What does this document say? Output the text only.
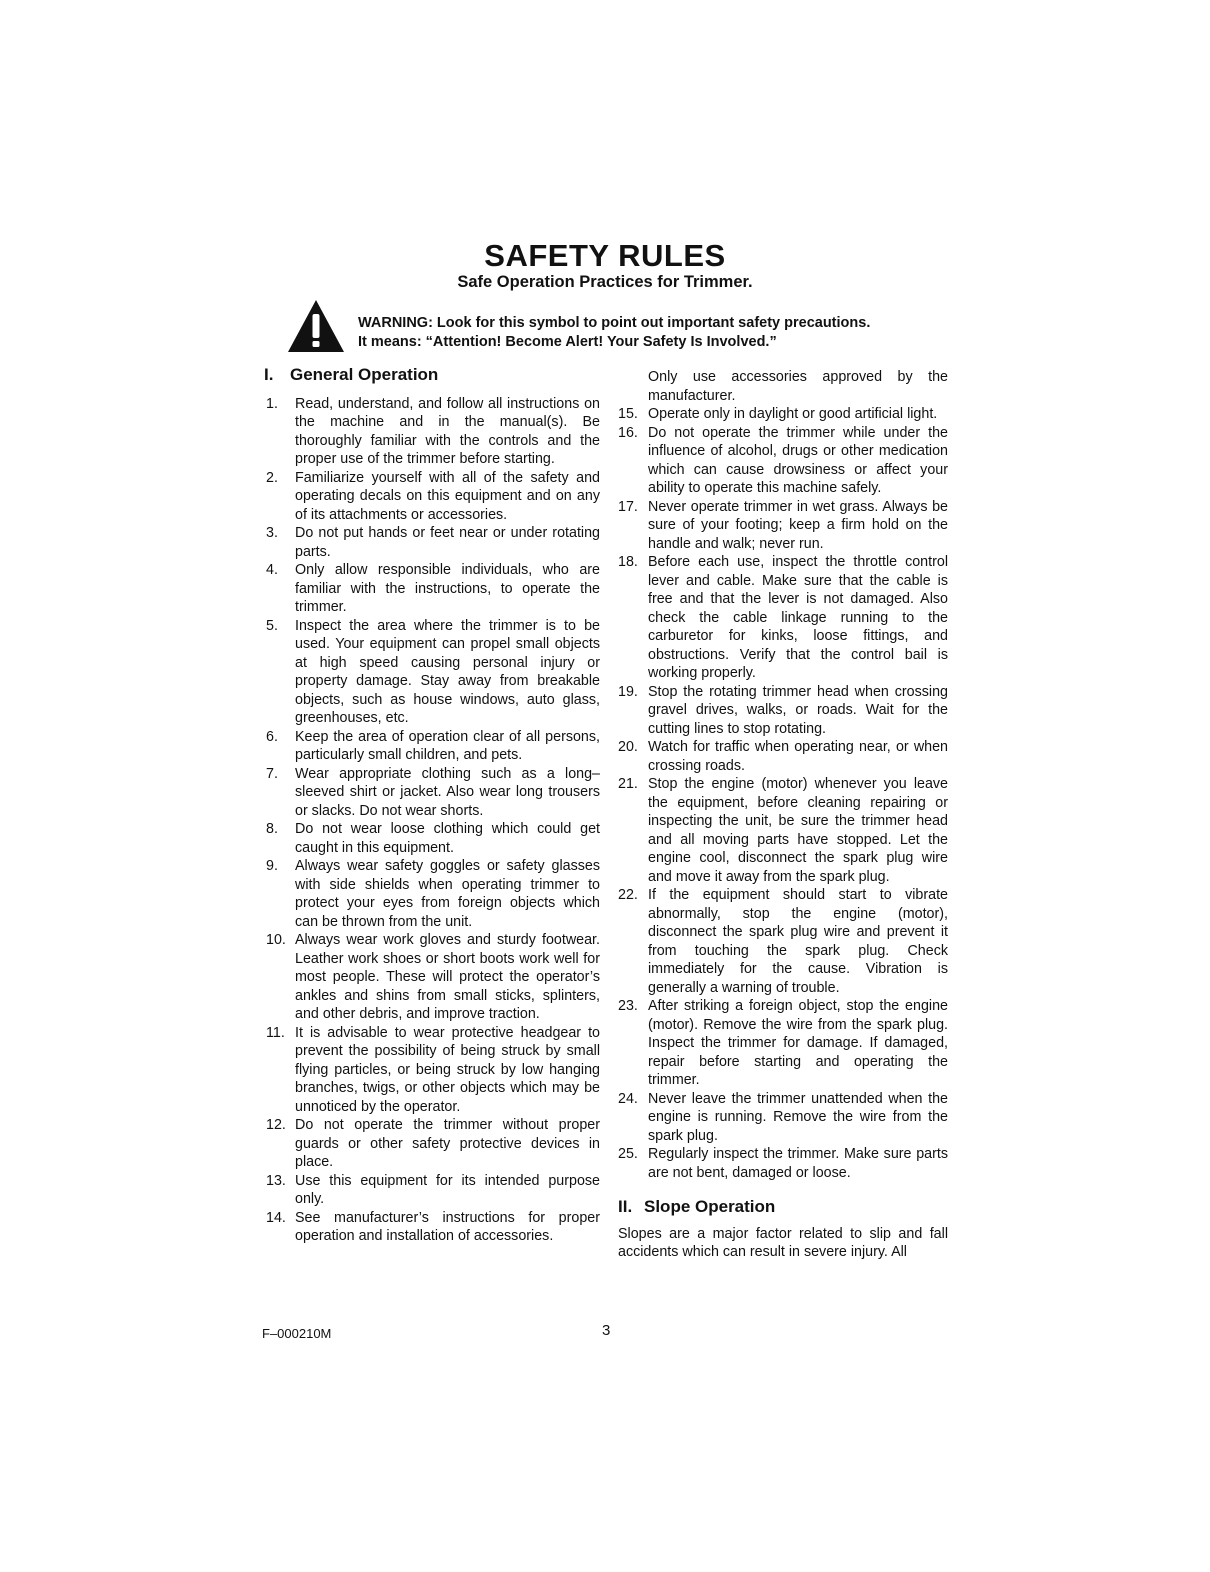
SAFETY RULES
Safe Operation Practices for Trimmer.
WARNING: Look for this symbol to point out important safety precautions.
It means: “Attention! Become Alert! Your Safety Is Involved.”
I. General Operation
1.	Read, understand, and follow all instructions on the machine and in the manual(s). Be thoroughly familiar with the controls and the proper use of the trimmer before starting.
2.	Familiarize yourself with all of the safety and operating decals on this equipment and on any of its attachments or accessories.
3.	Do not put hands or feet near or under rotating parts.
4.	Only allow responsible individuals, who are familiar with the instructions, to operate the trimmer.
5.	Inspect the area where the trimmer is to be used. Your equipment can propel small objects at high speed causing personal injury or property damage. Stay away from breakable objects, such as house windows, auto glass, greenhouses, etc.
6.	Keep the area of operation clear of all persons, particularly small children, and pets.
7.	Wear appropriate clothing such as a long–sleeved shirt or jacket. Also wear long trousers or slacks. Do not wear shorts.
8.	Do not wear loose clothing which could get caught in this equipment.
9.	Always wear safety goggles or safety glasses with side shields when operating trimmer to protect your eyes from foreign objects which can be thrown from the unit.
10. Always wear work gloves and sturdy footwear. Leather work shoes or short boots work well for most people. These will protect the operator’s ankles and shins from small sticks, splinters, and other debris, and improve traction.
11. It is advisable to wear protective headgear to prevent the possibility of being struck by small flying particles, or being struck by low hanging branches, twigs, or other objects which may be unnoticed by the operator.
12. Do not operate the trimmer without proper guards or other safety protective devices in place.
13. Use this equipment for its intended purpose only.
14. See manufacturer’s instructions for proper operation and installation of accessories.
Only use accessories approved by the manufacturer.
15. Operate only in daylight or good artificial light.
16. Do not operate the trimmer while under the influence of alcohol, drugs or other medication which can cause drowsiness or affect your ability to operate this machine safely.
17. Never operate trimmer in wet grass. Always be sure of your footing; keep a firm hold on the handle and walk; never run.
18. Before each use, inspect the throttle control lever and cable. Make sure that the cable is free and that the lever is not damaged. Also check the cable linkage running to the carburetor for kinks, loose fittings, and obstructions. Verify that the control bail is working properly.
19. Stop the rotating trimmer head when crossing gravel drives, walks, or roads. Wait for the cutting lines to stop rotating.
20. Watch for traffic when operating near, or when crossing roads.
21. Stop the engine (motor) whenever you leave the equipment, before cleaning repairing or inspecting the unit, be sure the trimmer head and all moving parts have stopped. Let the engine cool, disconnect the spark plug wire and move it away from the spark plug.
22. If the equipment should start to vibrate abnormally, stop the engine (motor), disconnect the spark plug wire and prevent it from touching the spark plug. Check immediately for the cause. Vibration is generally a warning of trouble.
23. After striking a foreign object, stop the engine (motor). Remove the wire from the spark plug. Inspect the trimmer for damage. If damaged, repair before starting and operating the trimmer.
24. Never leave the trimmer unattended when the engine is running. Remove the wire from the spark plug.
25. Regularly inspect the trimmer. Make sure parts are not bent, damaged or loose.
II. Slope Operation
Slopes are a major factor related to slip and fall accidents which can result in severe injury. All
F–000210M	3
